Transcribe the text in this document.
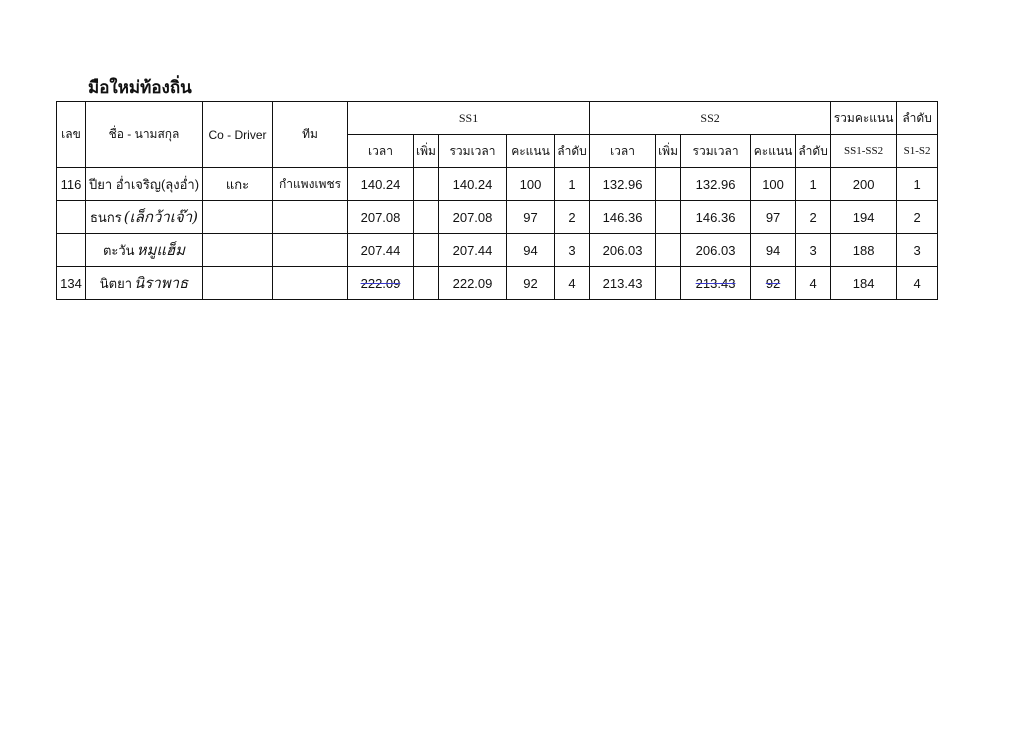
มือใหม่ท้องถิ่น
เลข	ชื่อ - นามสกุล	Co - Driver	ทีม	SS1					SS2					รวมคะแนน	ลำดับ
				เวลา	เพิ่ม	รวมเวลา	คะแนน	ลำดับ	เวลา	เพิ่ม	รวมเวลา	คะแนน	ลำดับ	SS1-SS2	S1-S2
116	ปียา อ่ำเจริญ(ลุงอ่ำ)	แกะ	กำแพงเพชร	140.24		140.24	100	1	132.96		132.96	100	1	200	1
	ธนกร (เล็กว้าเจ๊า)			207.08		207.08	97	2	146.36		146.36	97	2	194	2
	ตะวัน หมูแฮ็ม			207.44		207.44	94	3	206.03		206.03	94	3	188	3
134	นิตยา นิราพาธ			222.09		222.09	92	4	213.43		213.43	92	4	184	4
